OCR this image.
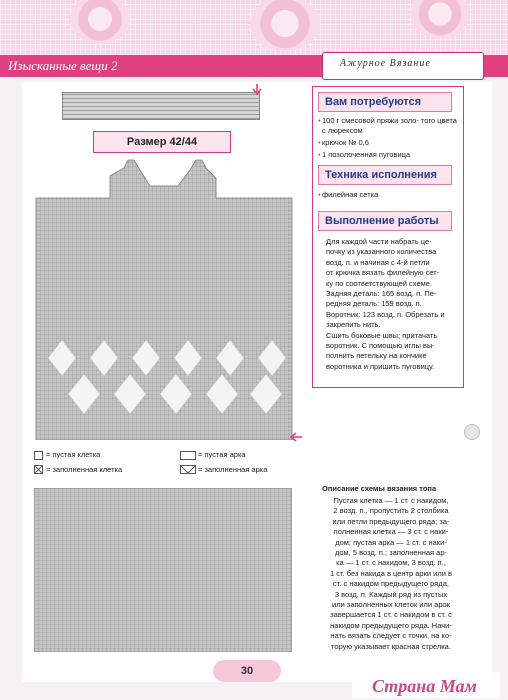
Изысканные вещи 2	Ажурное Вязание
Размер 42/44
= пустая клетка
= заполненная клетка
= пустая арка
= заполненная арка
Вам потребуются
• 100 г смесовой пряжи золо- того цвета с люрексом
• крючок № 0,6
• 1 позолоченная пуговица
Техника исполнения
• филейная сетка
Выполнение работы
Для каждой части набрать це-
почку из указанного количества
возд. п. и начиная с 4-й петли
от крючка вязать филейную сет-
ку по соответствующей схеме.
Задняя деталь: 165 возд. п. Пе-
редняя деталь: 159 возд. п. Воротник: 123 возд. п. Обрезать и
закрепить нить.
Сшить боковые швы; притачать
воротник. С помощью иглы вы-
полнить петельку на кончике
воротника и пришить пуговицу.
Описание схемы вязания топа
Пустая клетка — 1 ст. с накидом,
2 возд. п., пропустить 2 столбика
или петли предыдущего ряда; за-
полненная клетка — 3 ст. с наки-
дом; пустая арка — 1 ст. с наки-
дом, 5 возд. п.; заполненная ар-
ка — 1 ст. с накидом, 3 возд. п.,
1 ст. без накида в центр арки или в
ст. с накидом предыдущего ряда,
3 возд. п. Каждый ряд из пустых
или заполненных клеток или арок
завершается 1 ст. с накидом в ст. с
накидом предыдущего ряда. Начи-
нать вязать следует с точки, на ко-
торую указывает красная стрелка.
30
Страна Мам
